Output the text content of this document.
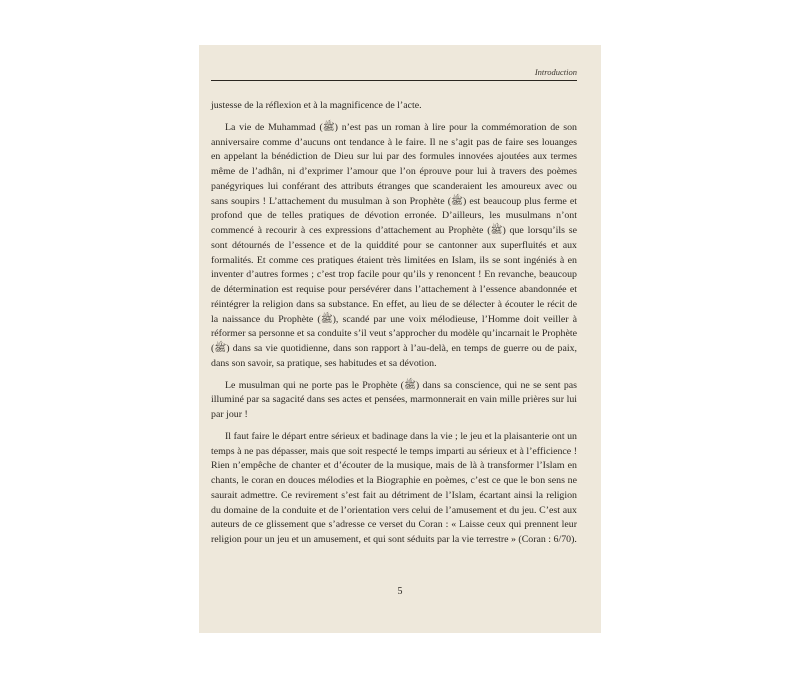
Introduction

justesse de la réflexion et à la magnificence de l’acte.

La vie de Muhammad (ﷺ) n’est pas un roman à lire pour la commémoration de son anniversaire comme d’aucuns ont tendance à le faire. Il ne s’agit pas de faire ses louanges en appelant la bénédiction de Dieu sur lui par des formules innovées ajoutées aux termes même de l’adhân, ni d’exprimer l’amour que l’on éprouve pour lui à travers des poèmes panégyriques lui conférant des attributs étranges que scanderaient les amoureux avec ou sans soupirs ! L’attachement du musulman à son Prophète (ﷺ) est beaucoup plus ferme et profond que de telles pratiques de dévotion erronée. D’ailleurs, les musulmans n’ont commencé à recourir à ces expressions d’attachement au Prophète (ﷺ) que lorsqu’ils se sont détournés de l’essence et de la quiddité pour se cantonner aux superfluités et aux formalités. Et comme ces pratiques étaient très limitées en Islam, ils se sont ingéniés à en inventer d’autres formes ; c’est trop facile pour qu’ils y renoncent ! En revanche, beaucoup de détermination est requise pour persévérer dans l’attachement à l’essence abandonnée et réintégrer la religion dans sa substance. En effet, au lieu de se délecter à écouter le récit de la naissance du Prophète (ﷺ), scandé par une voix mélodieuse, l’Homme doit veiller à réformer sa personne et sa conduite s’il veut s’approcher du modèle qu’incarnait le Prophète (ﷺ) dans sa vie quotidienne, dans son rapport à l’au-delà, en temps de guerre ou de paix, dans son savoir, sa pratique, ses habitudes et sa dévotion.

Le musulman qui ne porte pas le Prophète (ﷺ) dans sa conscience, qui ne se sent pas illuminé par sa sagacité dans ses actes et pensées, marmonnerait en vain mille prières sur lui par jour !

Il faut faire le départ entre sérieux et badinage dans la vie ; le jeu et la plaisanterie ont un temps à ne pas dépasser, mais que soit respecté le temps imparti au sérieux et à l’efficience ! Rien n’empêche de chanter et d’écouter de la musique, mais de là à transformer l’Islam en chants, le coran en douces mélodies et la Biographie en poèmes, c’est ce que le bon sens ne saurait admettre. Ce revirement s’est fait au détriment de l’Islam, écartant ainsi la religion du domaine de la conduite et de l’orientation vers celui de l’amusement et du jeu. C’est aux auteurs de ce glissement que s’adresse ce verset du Coran : « Laisse ceux qui prennent leur religion pour un jeu et un amusement, et qui sont séduits par la vie terrestre » (Coran : 6/70).

5
